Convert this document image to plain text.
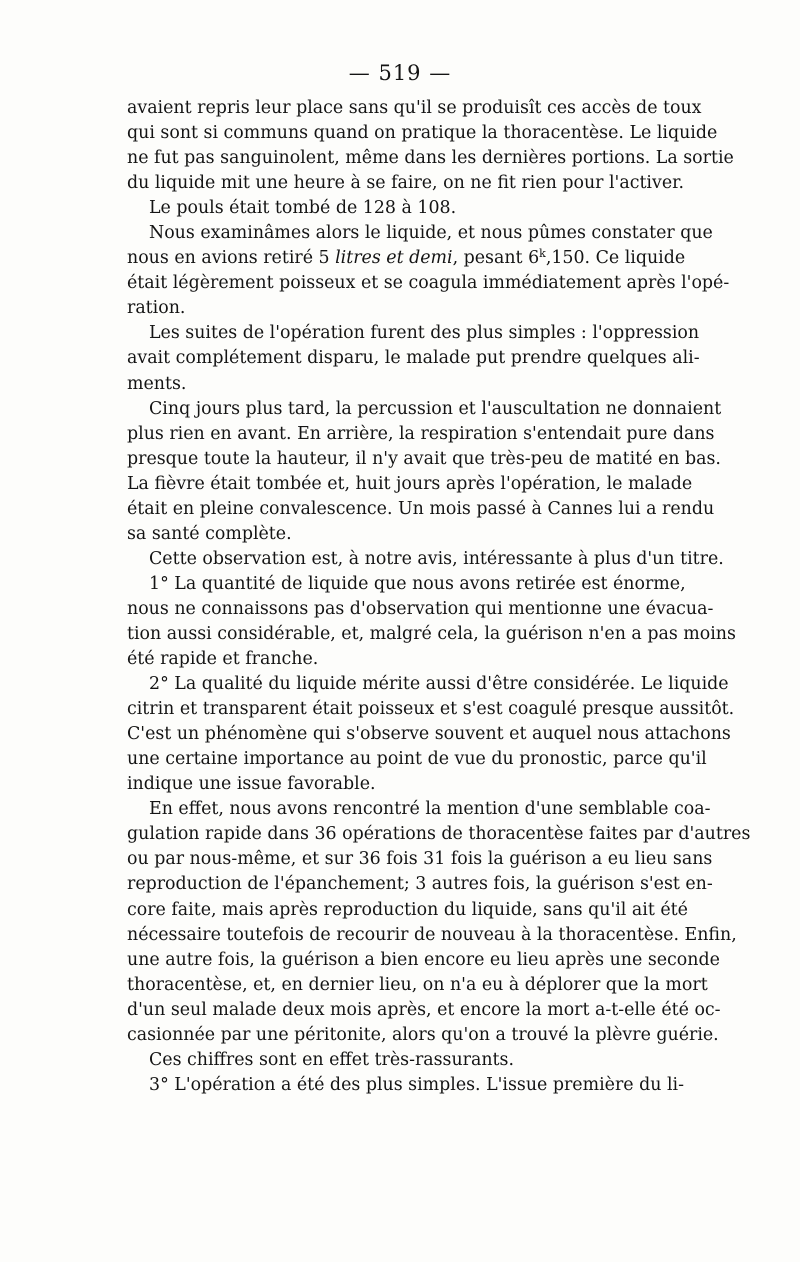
— 519 —
avaient repris leur place sans qu'il se produisît ces accès de toux
qui sont si communs quand on pratique la thoracentèse. Le liquide
ne fut pas sanguinolent, même dans les dernières portions. La sortie
du liquide mit une heure à se faire, on ne fit rien pour l'activer.
Le pouls était tombé de 128 à 108.
Nous examinâmes alors le liquide, et nous pûmes constater que
nous en avions retiré 5 litres et demi, pesant 6$^k$,150. Ce liquide
était légèrement poisseux et se coagula immédiatement après l'opé-
ration.
Les suites de l'opération furent des plus simples : l'oppression
avait complétement disparu, le malade put prendre quelques ali-
ments.
Cinq jours plus tard, la percussion et l'auscultation ne donnaient
plus rien en avant. En arrière, la respiration s'entendait pure dans
presque toute la hauteur, il n'y avait que très-peu de matité en bas.
La fièvre était tombée et, huit jours après l'opération, le malade
était en pleine convalescence. Un mois passé à Cannes lui a rendu
sa santé complète.
Cette observation est, à notre avis, intéressante à plus d'un titre.
1° La quantité de liquide que nous avons retirée est énorme,
nous ne connaissons pas d'observation qui mentionne une évacua-
tion aussi considérable, et, malgré cela, la guérison n'en a pas moins
été rapide et franche.
2° La qualité du liquide mérite aussi d'être considérée. Le liquide
citrin et transparent était poisseux et s'est coagulé presque aussitôt.
C'est un phénomène qui s'observe souvent et auquel nous attachons
une certaine importance au point de vue du pronostic, parce qu'il
indique une issue favorable.
En effet, nous avons rencontré la mention d'une semblable coa-
gulation rapide dans 36 opérations de thoracentèse faites par d'autres
ou par nous-même, et sur 36 fois 31 fois la guérison a eu lieu sans
reproduction de l'épanchement; 3 autres fois, la guérison s'est en-
core faite, mais après reproduction du liquide, sans qu'il ait été
nécessaire toutefois de recourir de nouveau à la thoracentèse. Enfin,
une autre fois, la guérison a bien encore eu lieu après une seconde
thoracentèse, et, en dernier lieu, on n'a eu à déplorer que la mort
d'un seul malade deux mois après, et encore la mort a-t-elle été oc-
casionnée par une péritonite, alors qu'on a trouvé la plèvre guérie.
Ces chiffres sont en effet très-rassurants.
3° L'opération a été des plus simples. L'issue première du li-
